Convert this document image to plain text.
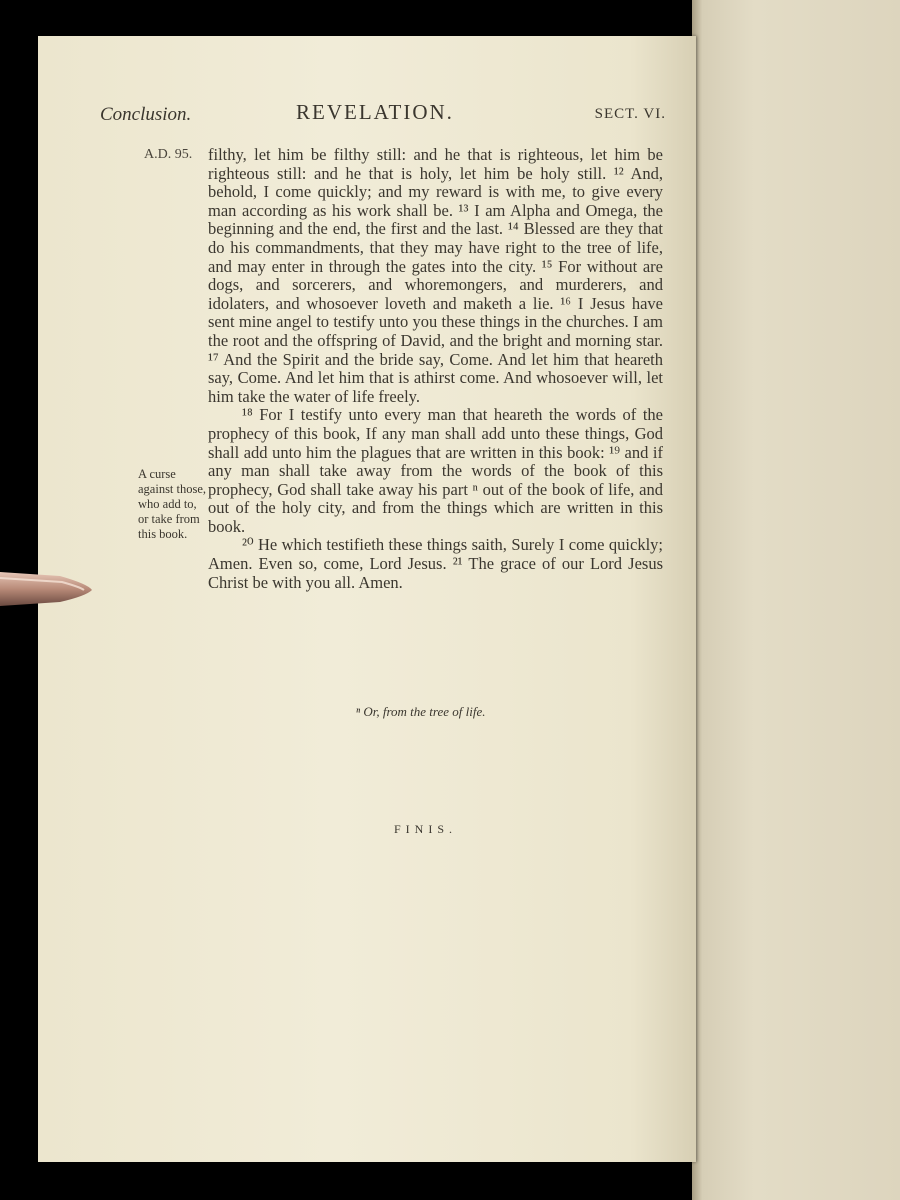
Conclusion.	REVELATION.	SECT. VI.
A.D. 95.
A curse against those, who add to, or take from this book.

filthy, let him be filthy still: and he that is righteous, let him be righteous still: and he that is holy, let him be holy still. ¹² And, behold, I come quickly; and my reward is with me, to give every man according as his work shall be. ¹³ I am Alpha and Omega, the beginning and the end, the first and the last. ¹⁴ Blessed are they that do his commandments, that they may have right to the tree of life, and may enter in through the gates into the city. ¹⁵ For without are dogs, and sorcerers, and whoremongers, and murderers, and idolaters, and whosoever loveth and maketh a lie. ¹⁶ I Jesus have sent mine angel to testify unto you these things in the churches. I am the root and the offspring of David, and the bright and morning star. ¹⁷ And the Spirit and the bride say, Come. And let him that heareth say, Come. And let him that is athirst come. And whosoever will, let him take the water of life freely.

¹⁸ For I testify unto every man that heareth the words of the prophecy of this book, If any man shall add unto these things, God shall add unto him the plagues that are written in this book: ¹⁹ and if any man shall take away from the words of the book of this prophecy, God shall take away his part ⁿ out of the book of life, and out of the holy city, and from the things which are written in this book.

²⁰ He which testifieth these things saith, Surely I come quickly; Amen. Even so, come, Lord Jesus. ²¹ The grace of our Lord Jesus Christ be with you all. Amen.

ⁿ Or, from the tree of life.
FINIS.
